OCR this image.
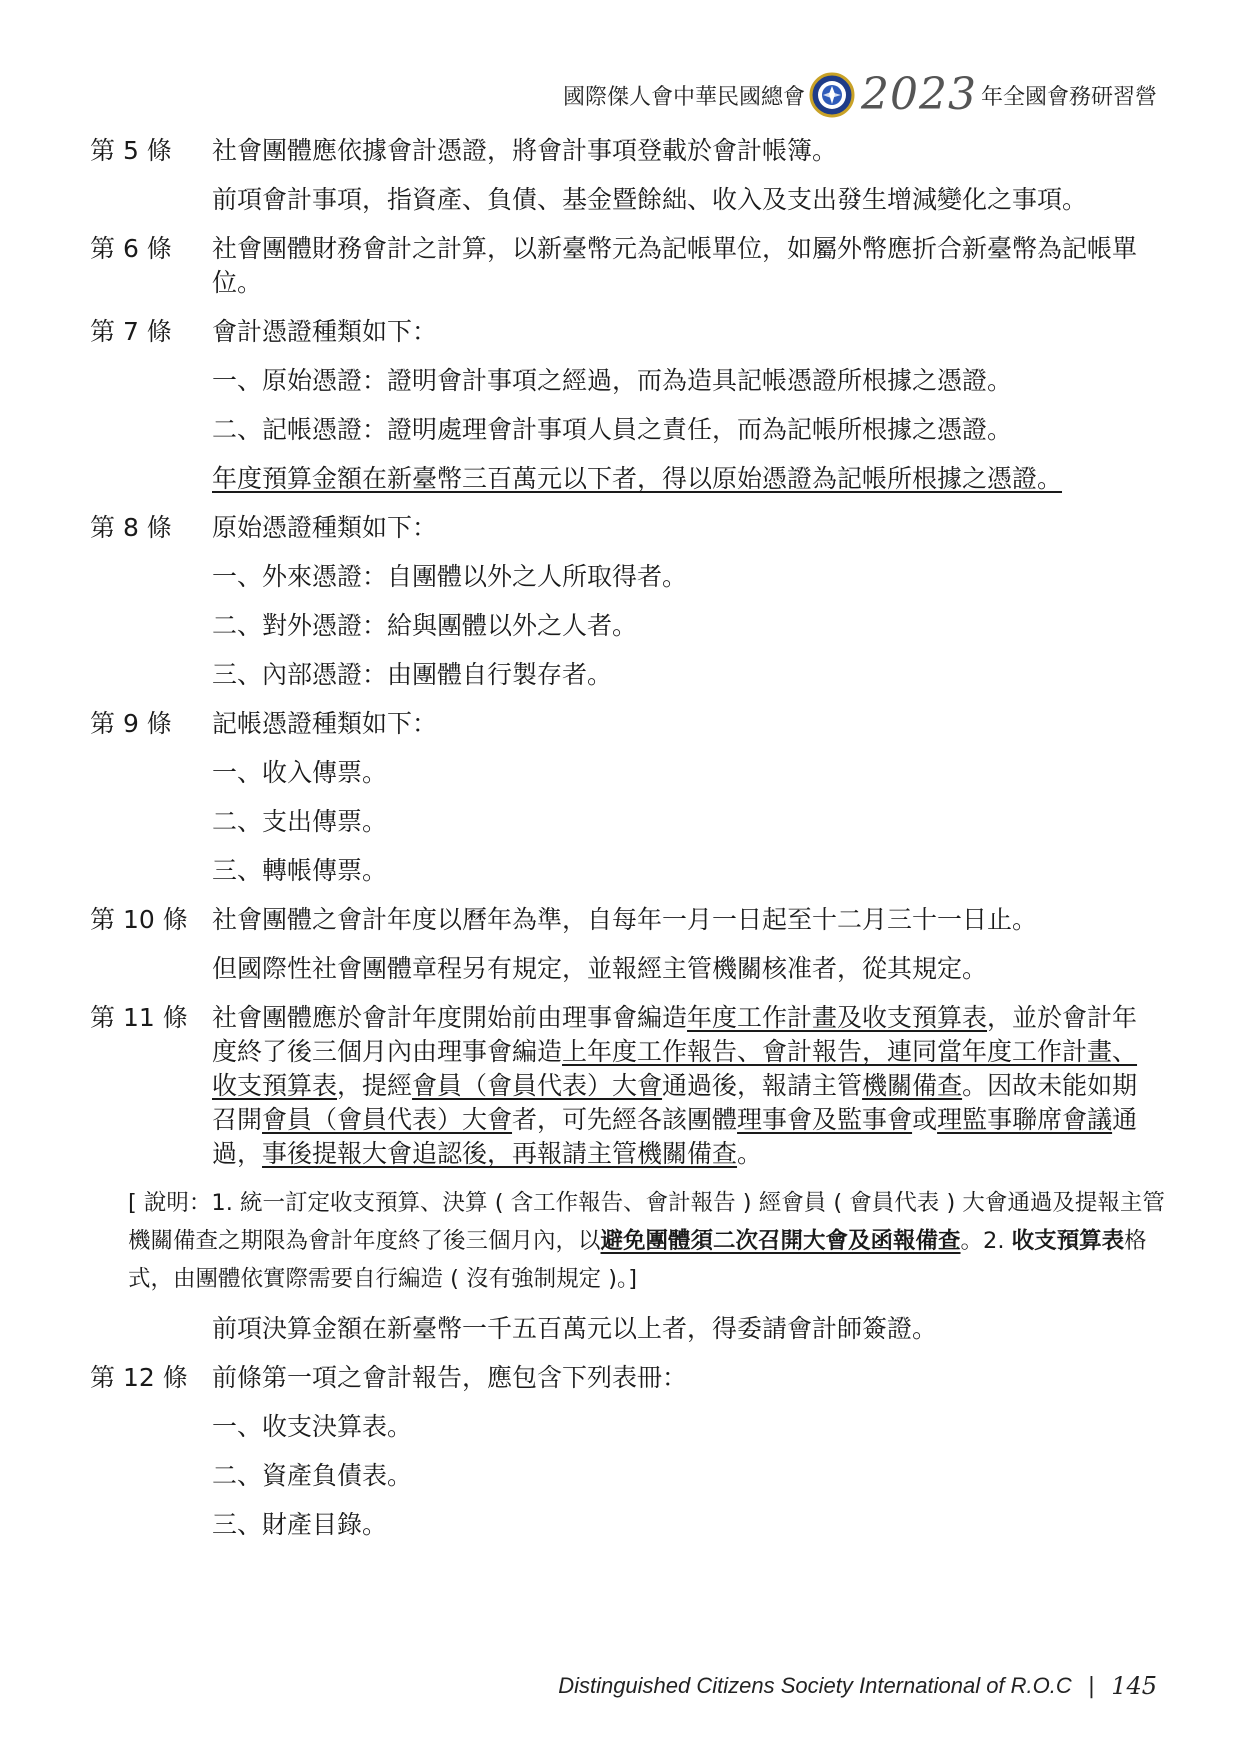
國際傑人會中華民國總會 2023 年全國會務研習營
第 5 條	社會團體應依據會計憑證，將會計事項登載於會計帳簿。

前項會計事項，指資產、負債、基金暨餘絀、收入及支出發生增減變化之事項。

第 6 條	社會團體財務會計之計算，以新臺幣元為記帳單位，如屬外幣應折合新臺幣為記帳單位。

第 7 條	會計憑證種類如下：

一、原始憑證：證明會計事項之經過，而為造具記帳憑證所根據之憑證。

二、記帳憑證：證明處理會計事項人員之責任，而為記帳所根據之憑證。

年度預算金額在新臺幣三百萬元以下者，得以原始憑證為記帳所根據之憑證。

第 8 條	原始憑證種類如下：

一、外來憑證：自團體以外之人所取得者。

二、對外憑證：給與團體以外之人者。

三、內部憑證：由團體自行製存者。

第 9 條	記帳憑證種類如下：

一、收入傳票。

二、支出傳票。

三、轉帳傳票。

第 10 條 社會團體之會計年度以曆年為準，自每年一月一日起至十二月三十一日止。

但國際性社會團體章程另有規定，並報經主管機關核准者，從其規定。

第 11 條 社會團體應於會計年度開始前由理事會編造年度工作計畫及收支預算表，並於會計年度終了後三個月內由理事會編造上年度工作報告、會計報告，連同當年度工作計畫、收支預算表，提經會員（會員代表）大會通過後，報請主管機關備查。因故未能如期召開會員（會員代表）大會者，可先經各該團體理事會及監事會或理監事聯席會議通過，事後提報大會追認後，再報請主管機關備查。

[ 說明：1. 統一訂定收支預算、決算 ( 含工作報告、會計報告 ) 經會員 ( 會員代表 ) 大會通過及提報主管機關備查之期限為會計年度終了後三個月內，以避免團體須二次召開大會及函報備查。2. 收支預算表格式，由團體依實際需要自行編造 ( 沒有強制規定 )。]
前項決算金額在新臺幣一千五百萬元以上者，得委請會計師簽證。
第 12 條 前條第一項之會計報告，應包含下列表冊：

一、收支決算表。

二、資產負債表。

三、財產目錄。

Distinguished Citizens Society International of R.O.C | 145
